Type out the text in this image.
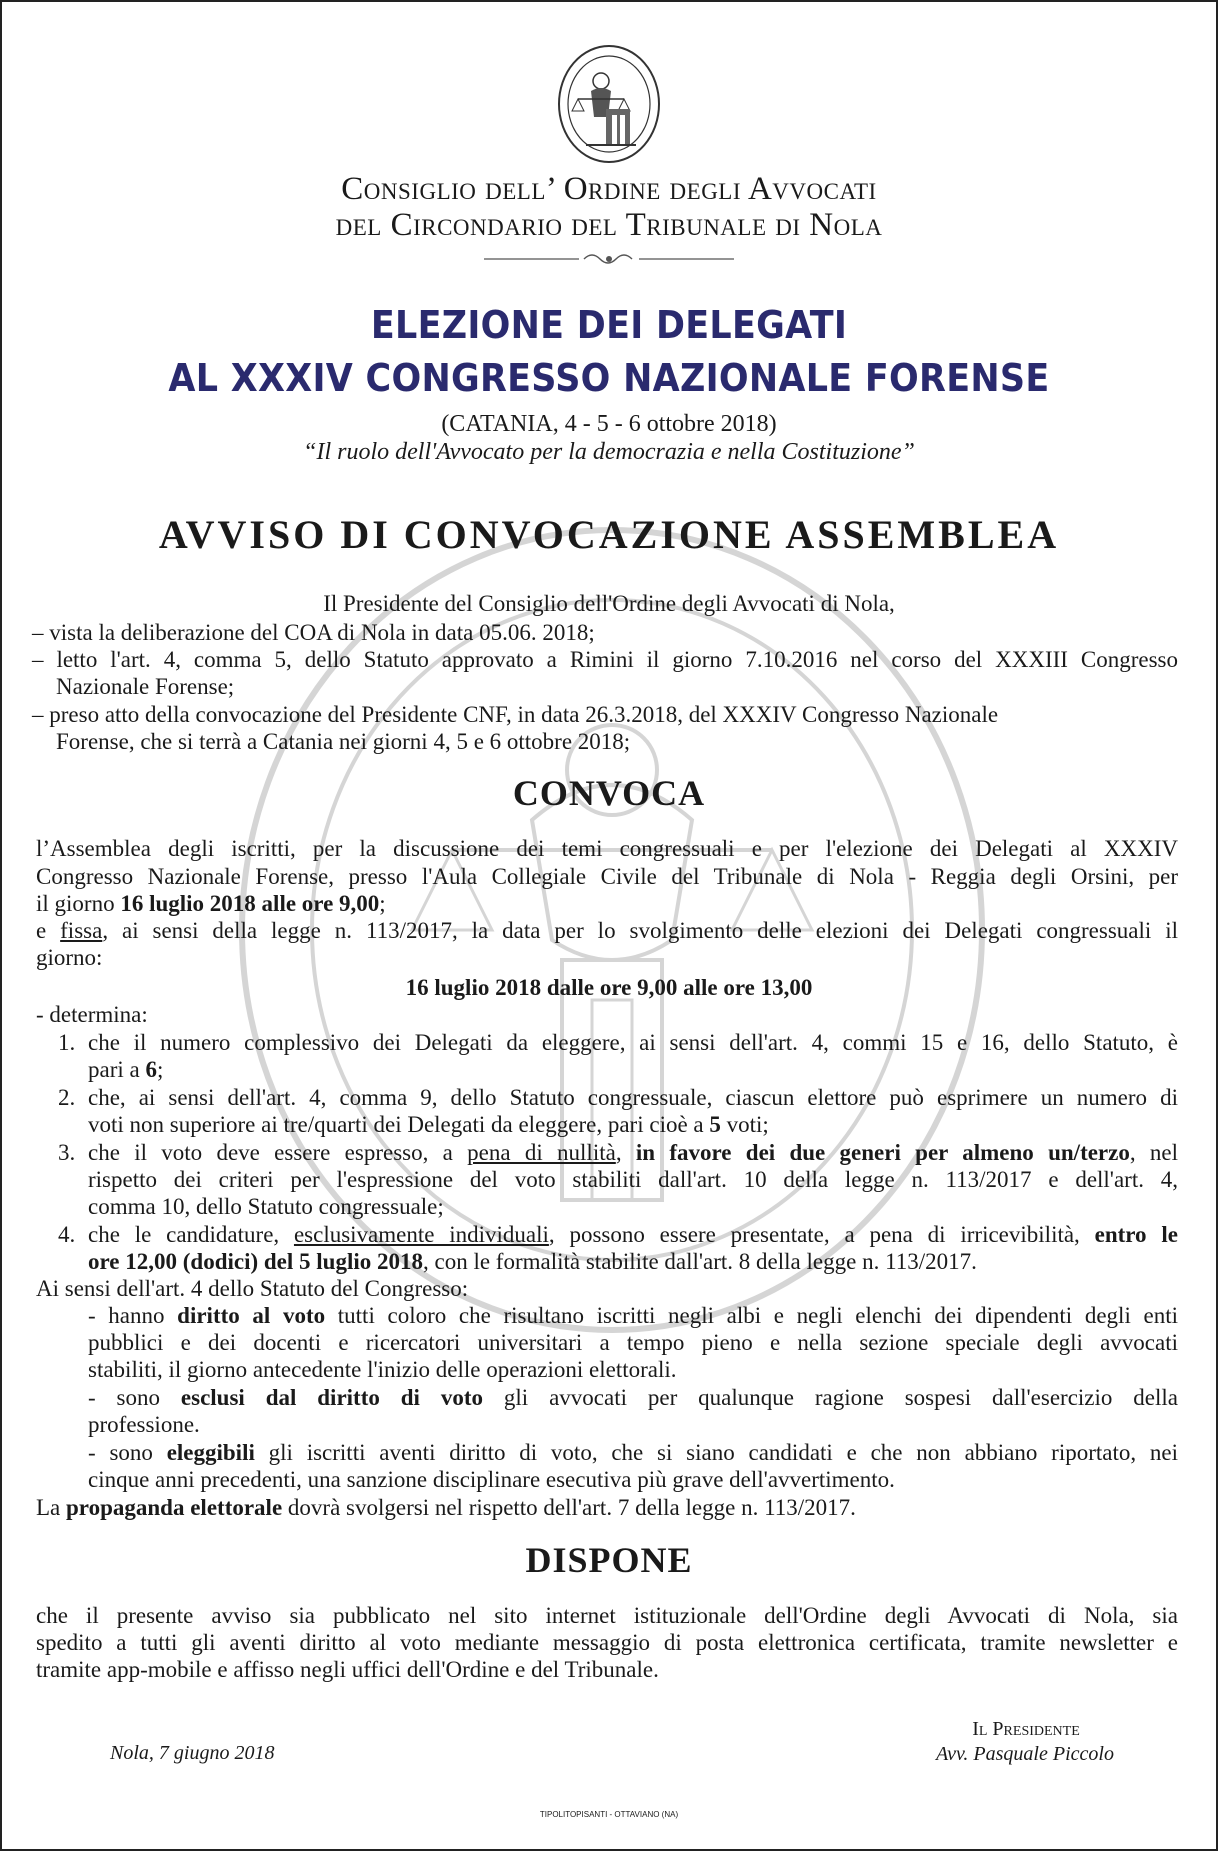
Consiglio dell’ Ordine degli Avvocati
del Circondario del Tribunale di Nola
ELEZIONE DEI DELEGATI
AL XXXIV CONGRESSO NAZIONALE FORENSE
(CATANIA, 4 - 5 - 6 ottobre 2018)
“Il ruolo dell'Avvocato per la democrazia e nella Costituzione”
AVVISO DI CONVOCAZIONE ASSEMBLEA
Il Presidente del Consiglio dell'Ordine degli Avvocati di Nola,
– vista la deliberazione del COA di Nola in data 05.06. 2018;
– letto l'art. 4, comma 5, dello Statuto approvato a Rimini il giorno 7.10.2016 nel corso del XXXIII Congresso
Nazionale Forense;
– preso atto della convocazione del Presidente CNF, in data 26.3.2018, del XXXIV Congresso Nazionale
Forense, che si terrà a Catania nei giorni 4, 5 e 6 ottobre 2018;
CONVOCA
l’Assemblea degli iscritti, per la discussione dei temi congressuali e per l'elezione dei Delegati al XXXIV
Congresso Nazionale Forense, presso l'Aula Collegiale Civile del Tribunale di Nola - Reggia degli Orsini, per
il giorno 16 luglio 2018 alle ore 9,00;
e fissa, ai sensi della legge n. 113/2017, la data per lo svolgimento delle elezioni dei Delegati congressuali il
giorno:
16 luglio 2018 dalle ore 9,00 alle ore 13,00
- determina:
1. che il numero complessivo dei Delegati da eleggere, ai sensi dell'art. 4, commi 15 e 16, dello Statuto, è
pari a 6;
2. che, ai sensi dell'art. 4, comma 9, dello Statuto congressuale, ciascun elettore può esprimere un numero di
voti non superiore ai tre/quarti dei Delegati da eleggere, pari cioè a 5 voti;
3. che il voto deve essere espresso, a pena di nullità, in favore dei due generi per almeno un/terzo, nel
rispetto dei criteri per l'espressione del voto stabiliti dall'art. 10 della legge n. 113/2017 e dell'art. 4,
comma 10, dello Statuto congressuale;
4. che le candidature, esclusivamente individuali, possono essere presentate, a pena di irricevibilità, entro le
ore 12,00 (dodici) del 5 luglio 2018, con le formalità stabilite dall'art. 8 della legge n. 113/2017.
Ai sensi dell'art. 4 dello Statuto del Congresso:
- hanno diritto al voto tutti coloro che risultano iscritti negli albi e negli elenchi dei dipendenti degli enti
pubblici e dei docenti e ricercatori universitari a tempo pieno e nella sezione speciale degli avvocati
stabiliti, il giorno antecedente l'inizio delle operazioni elettorali.
- sono esclusi dal diritto di voto gli avvocati per qualunque ragione sospesi dall'esercizio della
professione.
- sono eleggibili gli iscritti aventi diritto di voto, che si siano candidati e che non abbiano riportato, nei
cinque anni precedenti, una sanzione disciplinare esecutiva più grave dell'avvertimento.
La propaganda elettorale dovrà svolgersi nel rispetto dell'art. 7 della legge n. 113/2017.
DISPONE
che il presente avviso sia pubblicato nel sito internet istituzionale dell'Ordine degli Avvocati di Nola, sia
spedito a tutti gli aventi diritto al voto mediante messaggio di posta elettronica certificata, tramite newsletter e
tramite app-mobile e affisso negli uffici dell'Ordine e del Tribunale.
Nola, 7 giugno 2018
Il Presidente
Avv. Pasquale Piccolo
TIPOLITOPISANTI - OTTAVIANO (NA)
